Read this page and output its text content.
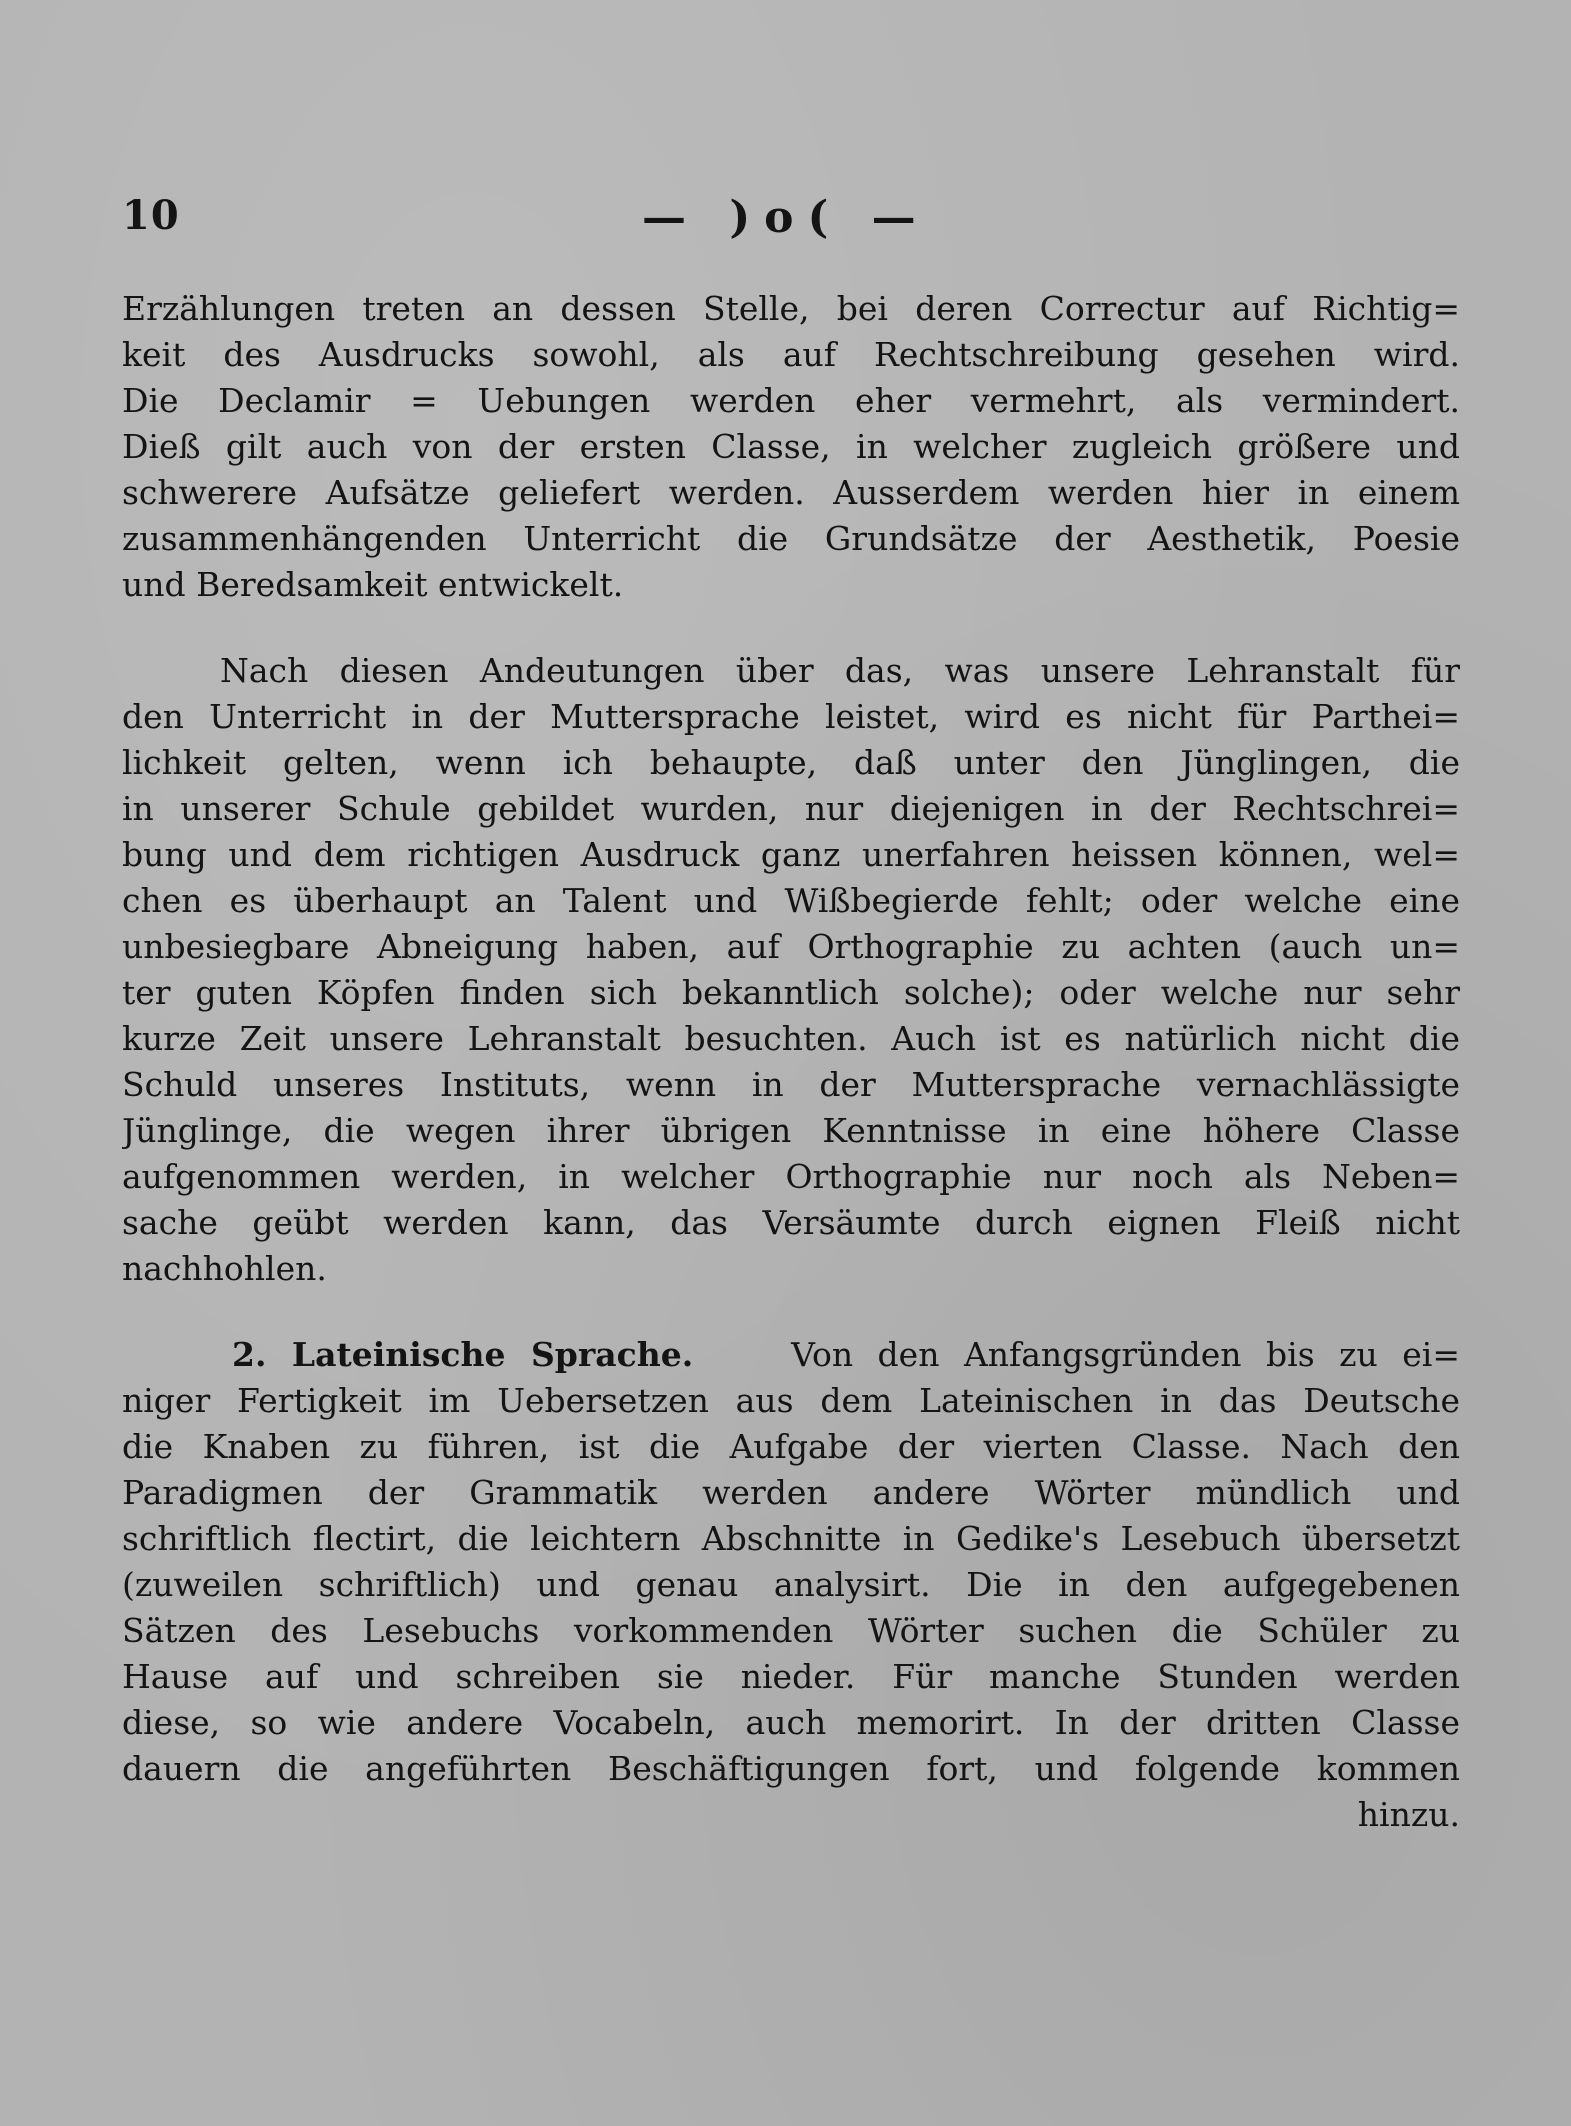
10	— )o( —
Erzählungen treten an dessen Stelle, bei deren Correctur auf Richtig=
keit des Ausdrucks sowohl, als auf Rechtschreibung gesehen wird.
Die Declamir = Uebungen werden eher vermehrt, als vermindert.
Dieß gilt auch von der ersten Classe, in welcher zugleich größere und
schwerere Aufsätze geliefert werden. Ausserdem werden hier in einem
zusammenhängenden Unterricht die Grundsätze der Aesthetik, Poesie
und Beredsamkeit entwickelt.
Nach diesen Andeutungen über das, was unsere Lehranstalt für
den Unterricht in der Muttersprache leistet, wird es nicht für Parthei=
lichkeit gelten, wenn ich behaupte, daß unter den Jünglingen, die
in unserer Schule gebildet wurden, nur diejenigen in der Rechtschrei=
bung und dem richtigen Ausdruck ganz unerfahren heissen können, wel=
chen es überhaupt an Talent und Wißbegierde fehlt; oder welche eine
unbesiegbare Abneigung haben, auf Orthographie zu achten (auch un=
ter guten Köpfen finden sich bekanntlich solche); oder welche nur sehr
kurze Zeit unsere Lehranstalt besuchten. Auch ist es natürlich nicht die
Schuld unseres Instituts, wenn in der Muttersprache vernachlässigte
Jünglinge, die wegen ihrer übrigen Kenntnisse in eine höhere Classe
aufgenommen werden, in welcher Orthographie nur noch als Neben=
sache geübt werden kann, das Versäumte durch eignen Fleiß nicht
nachhohlen.
2. Lateinische Sprache.	Von den Anfangsgründen bis zu ei=
niger Fertigkeit im Uebersetzen aus dem Lateinischen in das Deutsche
die Knaben zu führen, ist die Aufgabe der vierten Classe. Nach den
Paradigmen der Grammatik werden andere Wörter mündlich und
schriftlich flectirt, die leichtern Abschnitte in Gedike's Lesebuch übersetzt
(zuweilen schriftlich) und genau analysirt. Die in den aufgegebenen
Sätzen des Lesebuchs vorkommenden Wörter suchen die Schüler zu
Hause auf und schreiben sie nieder. Für manche Stunden werden
diese, so wie andere Vocabeln, auch memorirt. In der dritten Classe
dauern die angeführten Beschäftigungen fort, und folgende kommen
hinzu.
